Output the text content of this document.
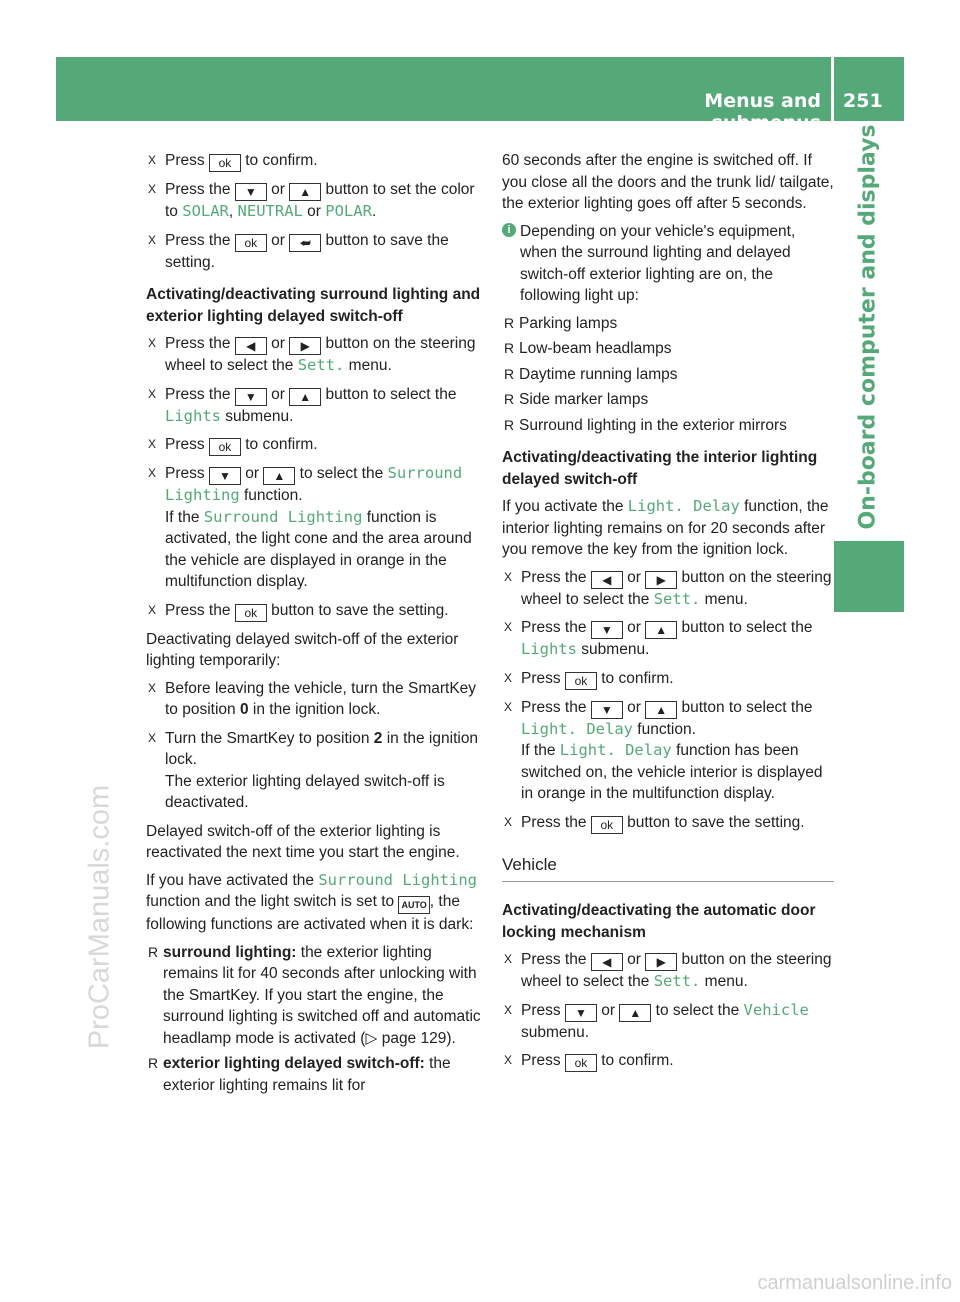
Menus and submenus
251
On-board computer and displays
ProCarManuals.com
carmanualsonline.info
X Press ok to confirm.
X Press the ▼ or ▲ button to set the color to SOLAR, NEUTRAL or POLAR.
X Press the ok or ⮨ button to save the setting.
Activating/deactivating surround lighting and exterior lighting delayed switch-off
X Press the ◀ or ▶ button on the steering wheel to select the Sett. menu.
X Press the ▼ or ▲ button to select the Lights submenu.
X Press ok to confirm.
X Press ▼ or ▲ to select the Surround Lighting function.
If the Surround Lighting function is activated, the light cone and the area around the vehicle are displayed in orange in the multifunction display.
X Press the ok button to save the setting.

Deactivating delayed switch-off of the exterior lighting temporarily:

X Before leaving the vehicle, turn the SmartKey to position 0 in the ignition lock.
X Turn the SmartKey to position 2 in the ignition lock.
The exterior lighting delayed switch-off is deactivated.

Delayed switch-off of the exterior lighting is reactivated the next time you start the engine.

If you have activated the Surround Lighting function and the light switch is set to AUTO , the following functions are activated when it is dark:

R surround lighting: the exterior lighting remains lit for 40 seconds after unlocking with the SmartKey. If you start the engine, the surround lighting is switched off and automatic headlamp mode is activated (▷ page 129).
R exterior lighting delayed switch-off: the exterior lighting remains lit for

60 seconds after the engine is switched off. If you close all the doors and the trunk lid/ tailgate, the exterior lighting goes off after 5 seconds.

i Depending on your vehicle's equipment, when the surround lighting and delayed switch-off exterior lighting are on, the following light up:
R Parking lamps
R Low-beam headlamps
R Daytime running lamps
R Side marker lamps
R Surround lighting in the exterior mirrors
Activating/deactivating the interior lighting delayed switch-off

If you activate the Light. Delay function, the interior lighting remains on for 20 seconds after you remove the key from the ignition lock.

X Press the ◀ or ▶ button on the steering wheel to select the Sett. menu.
X Press the ▼ or ▲ button to select the Lights submenu.
X Press ok to confirm.
X Press the ▼ or ▲ button to select the Light. Delay function.
If the Light. Delay function has been switched on, the vehicle interior is displayed in orange in the multifunction display.
X Press the ok button to save the setting.
Vehicle
Activating/deactivating the automatic door locking mechanism
X Press the ◀ or ▶ button on the steering wheel to select the Sett. menu.
X Press ▼ or ▲ to select the Vehicle submenu.
X Press ok to confirm.
